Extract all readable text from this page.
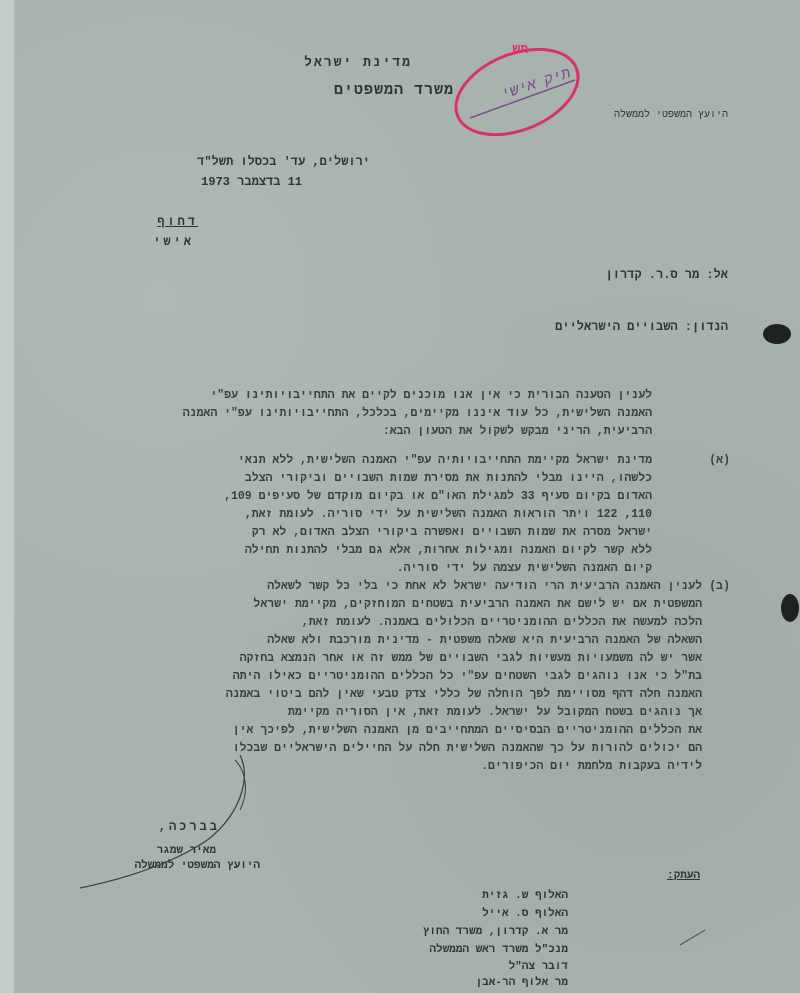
מדינת ישראל
משרד המשפטים
היועץ המשפטי לממשלה
תיק אישי
תש
ירושלים, עד' בכסלו תשל"ד
11 בדצמבר 1973
דחוף
אישי
אל: מר ס.ר. קדרון
הנדון: השבויים הישראליים
לענין הטענה הבורית כי אין אנו מוכנים לקיים את התחייבויותינו עפ"י
האמנה השלישית, כל עוד איננו מקיימים, בכלכל, התחייבויותינו עפ"י האמנה
הרביעית, הריני מבקש לשקול את הטעון הבא:
(א)
מדינת ישראל מקיימת התחייבויותיה עפ"י האמנה השלישית, ללא תנאי
כלשהו, היינו מבלי להתנות את מסירת שמות השבויים וביקורי הצלב
האדום בקיום סעיף 33 למגילת האו"ם או בקיום מוקדם של סעיפים 109,
110, 122 ויתר הוראות האמנה השלישית על ידי סוריה. לעומת זאת,
ישראל מסרה את שמות השבויים ואפשרה ביקורי הצלב האדום, לא רק
ללא קשר לקיום האמנה ומגילות אחרות, אלא גם מבלי להתנות תחילה
קיום האמנה השלישית עצמה על ידי סוריה.
(ב)
לענין האמנה הרביעית הרי הודיעה ישראל לא אחת כי בלי כל קשר לשאלה
המשפטית אם יש לישם את האמנה הרביעית בשטחים המוחזקים, מקיימת ישראל
הלכה למעשה את הכללים ההומניטריים הכלולים באמנה. לעומת זאת,
השאלה של האמנה הרביעית היא שאלה משפטית - מדינית מורכבת ולא שאלה
אשר יש לה משמעויות מעשיות לגבי השבויים של ממש זה או אחר הנמצא בחזקה
בת"ל כי אנו נוהגים לגבי השטחים עפ"י כל הכללים ההומניטריים כאילו היתה
האמנה חלה דהף מסויימת לפך הוחלה של כללי צדק טבעי שאין להם ביטוי באמנה
אך נוהגים בשטח המקובל על ישראל. לעומת זאת, אין הסוריה מקיימת
את הכללים ההומניטריים הבסיסיים המתחייבים מן האמנה השלישית, לפיכך אין
הם יכולים להורות על כך שהאמנה השלישית חלה על החיילים הישראליים שבכלו
לידיה בעקבות מלחמת יום הכיפורים.
בברכה,
מאיר שמגר
היועץ המשפטי לממשלה
העתק:
האלוף ש. גזית
האלוף ס. אייל
מר א. קדרון, משרד החוץ
מנכ"ל משרד ראש הממשלה
דובר צה"ל
מר אלוף הר-אבן
